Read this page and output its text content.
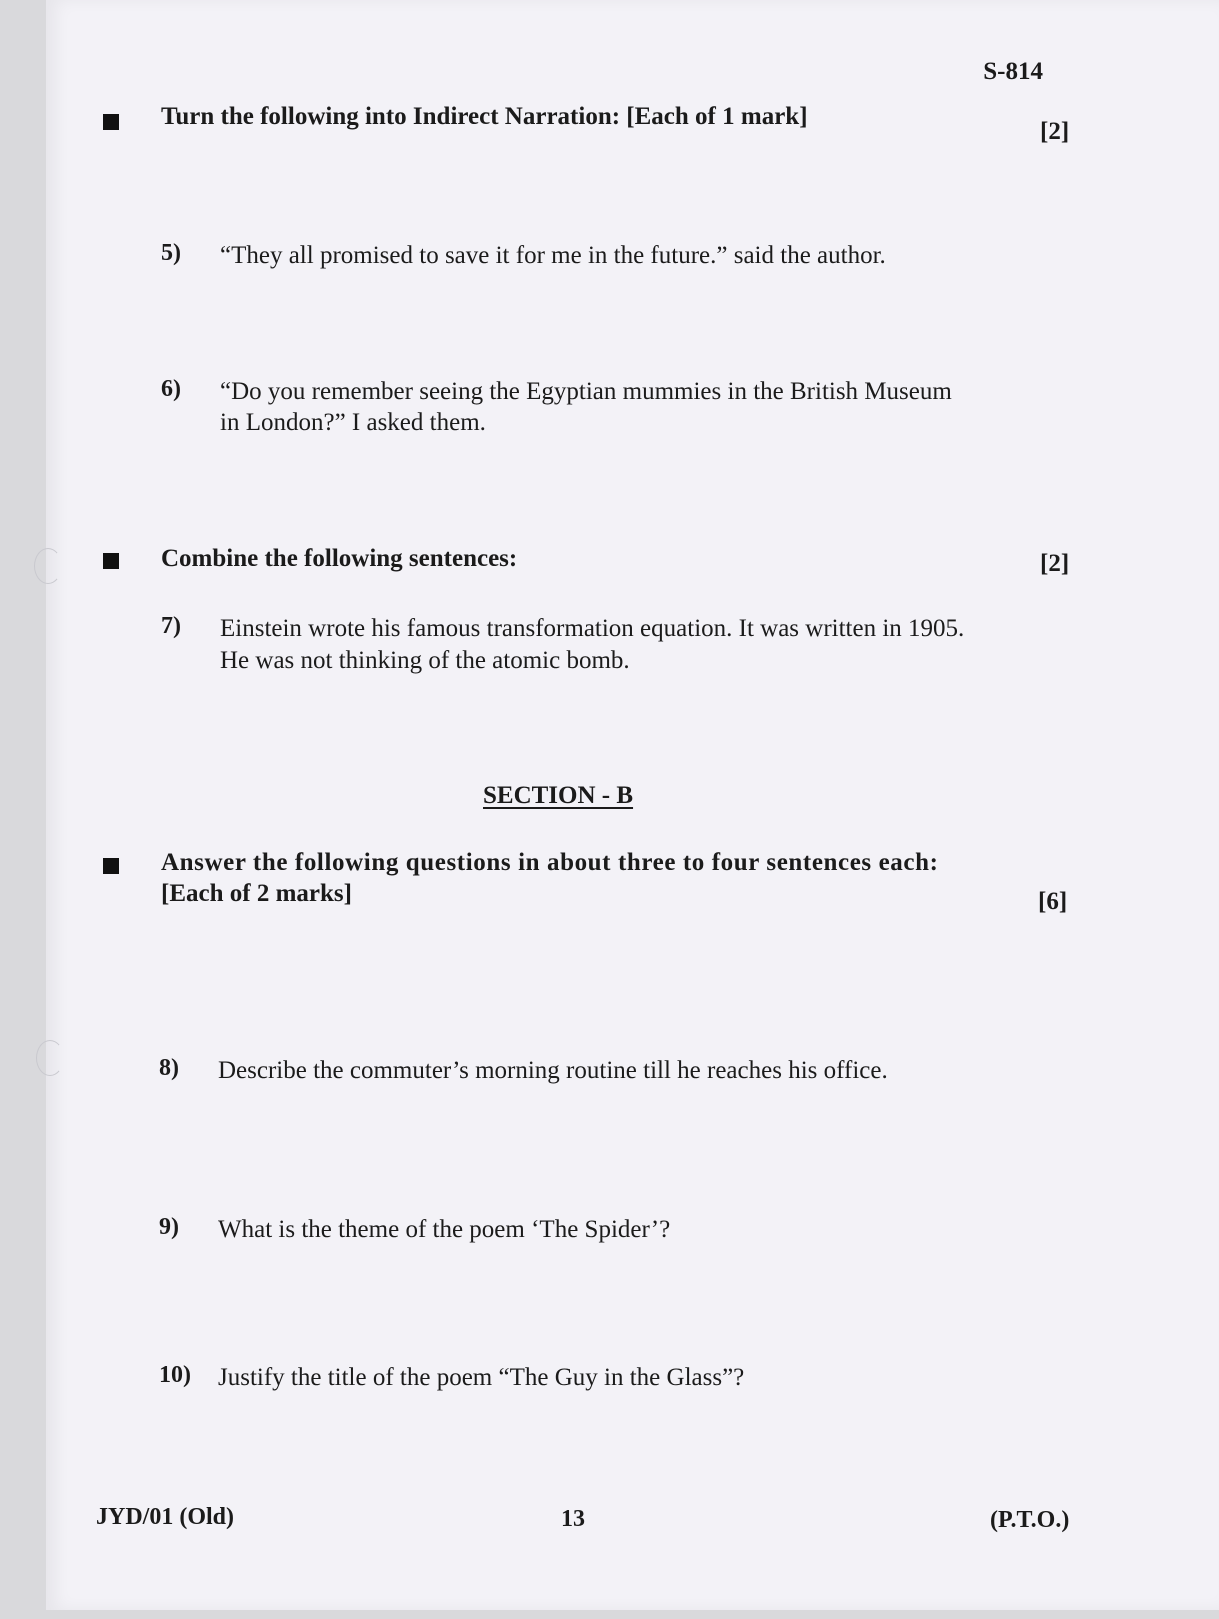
S-814
Turn the following into Indirect Narration: [Each of 1 mark]
[2]
5) “They all promised to save it for me in the future.” said the author.
6) “Do you remember seeing the Egyptian mummies in the British Museum
in London?” I asked them.
Combine the following sentences:	[2]
7) Einstein wrote his famous transformation equation. It was written in 1905.
He was not thinking of the atomic bomb.
SECTION - B
Answer the following questions in about three to four sentences each:
[Each of 2 marks]	[6]
8) Describe the commuter’s morning routine till he reaches his office.
9) What is the theme of the poem ‘The Spider’?
10) Justify the title of the poem “The Guy in the Glass”?
JYD/01 (Old)	13	(P.T.O.)
